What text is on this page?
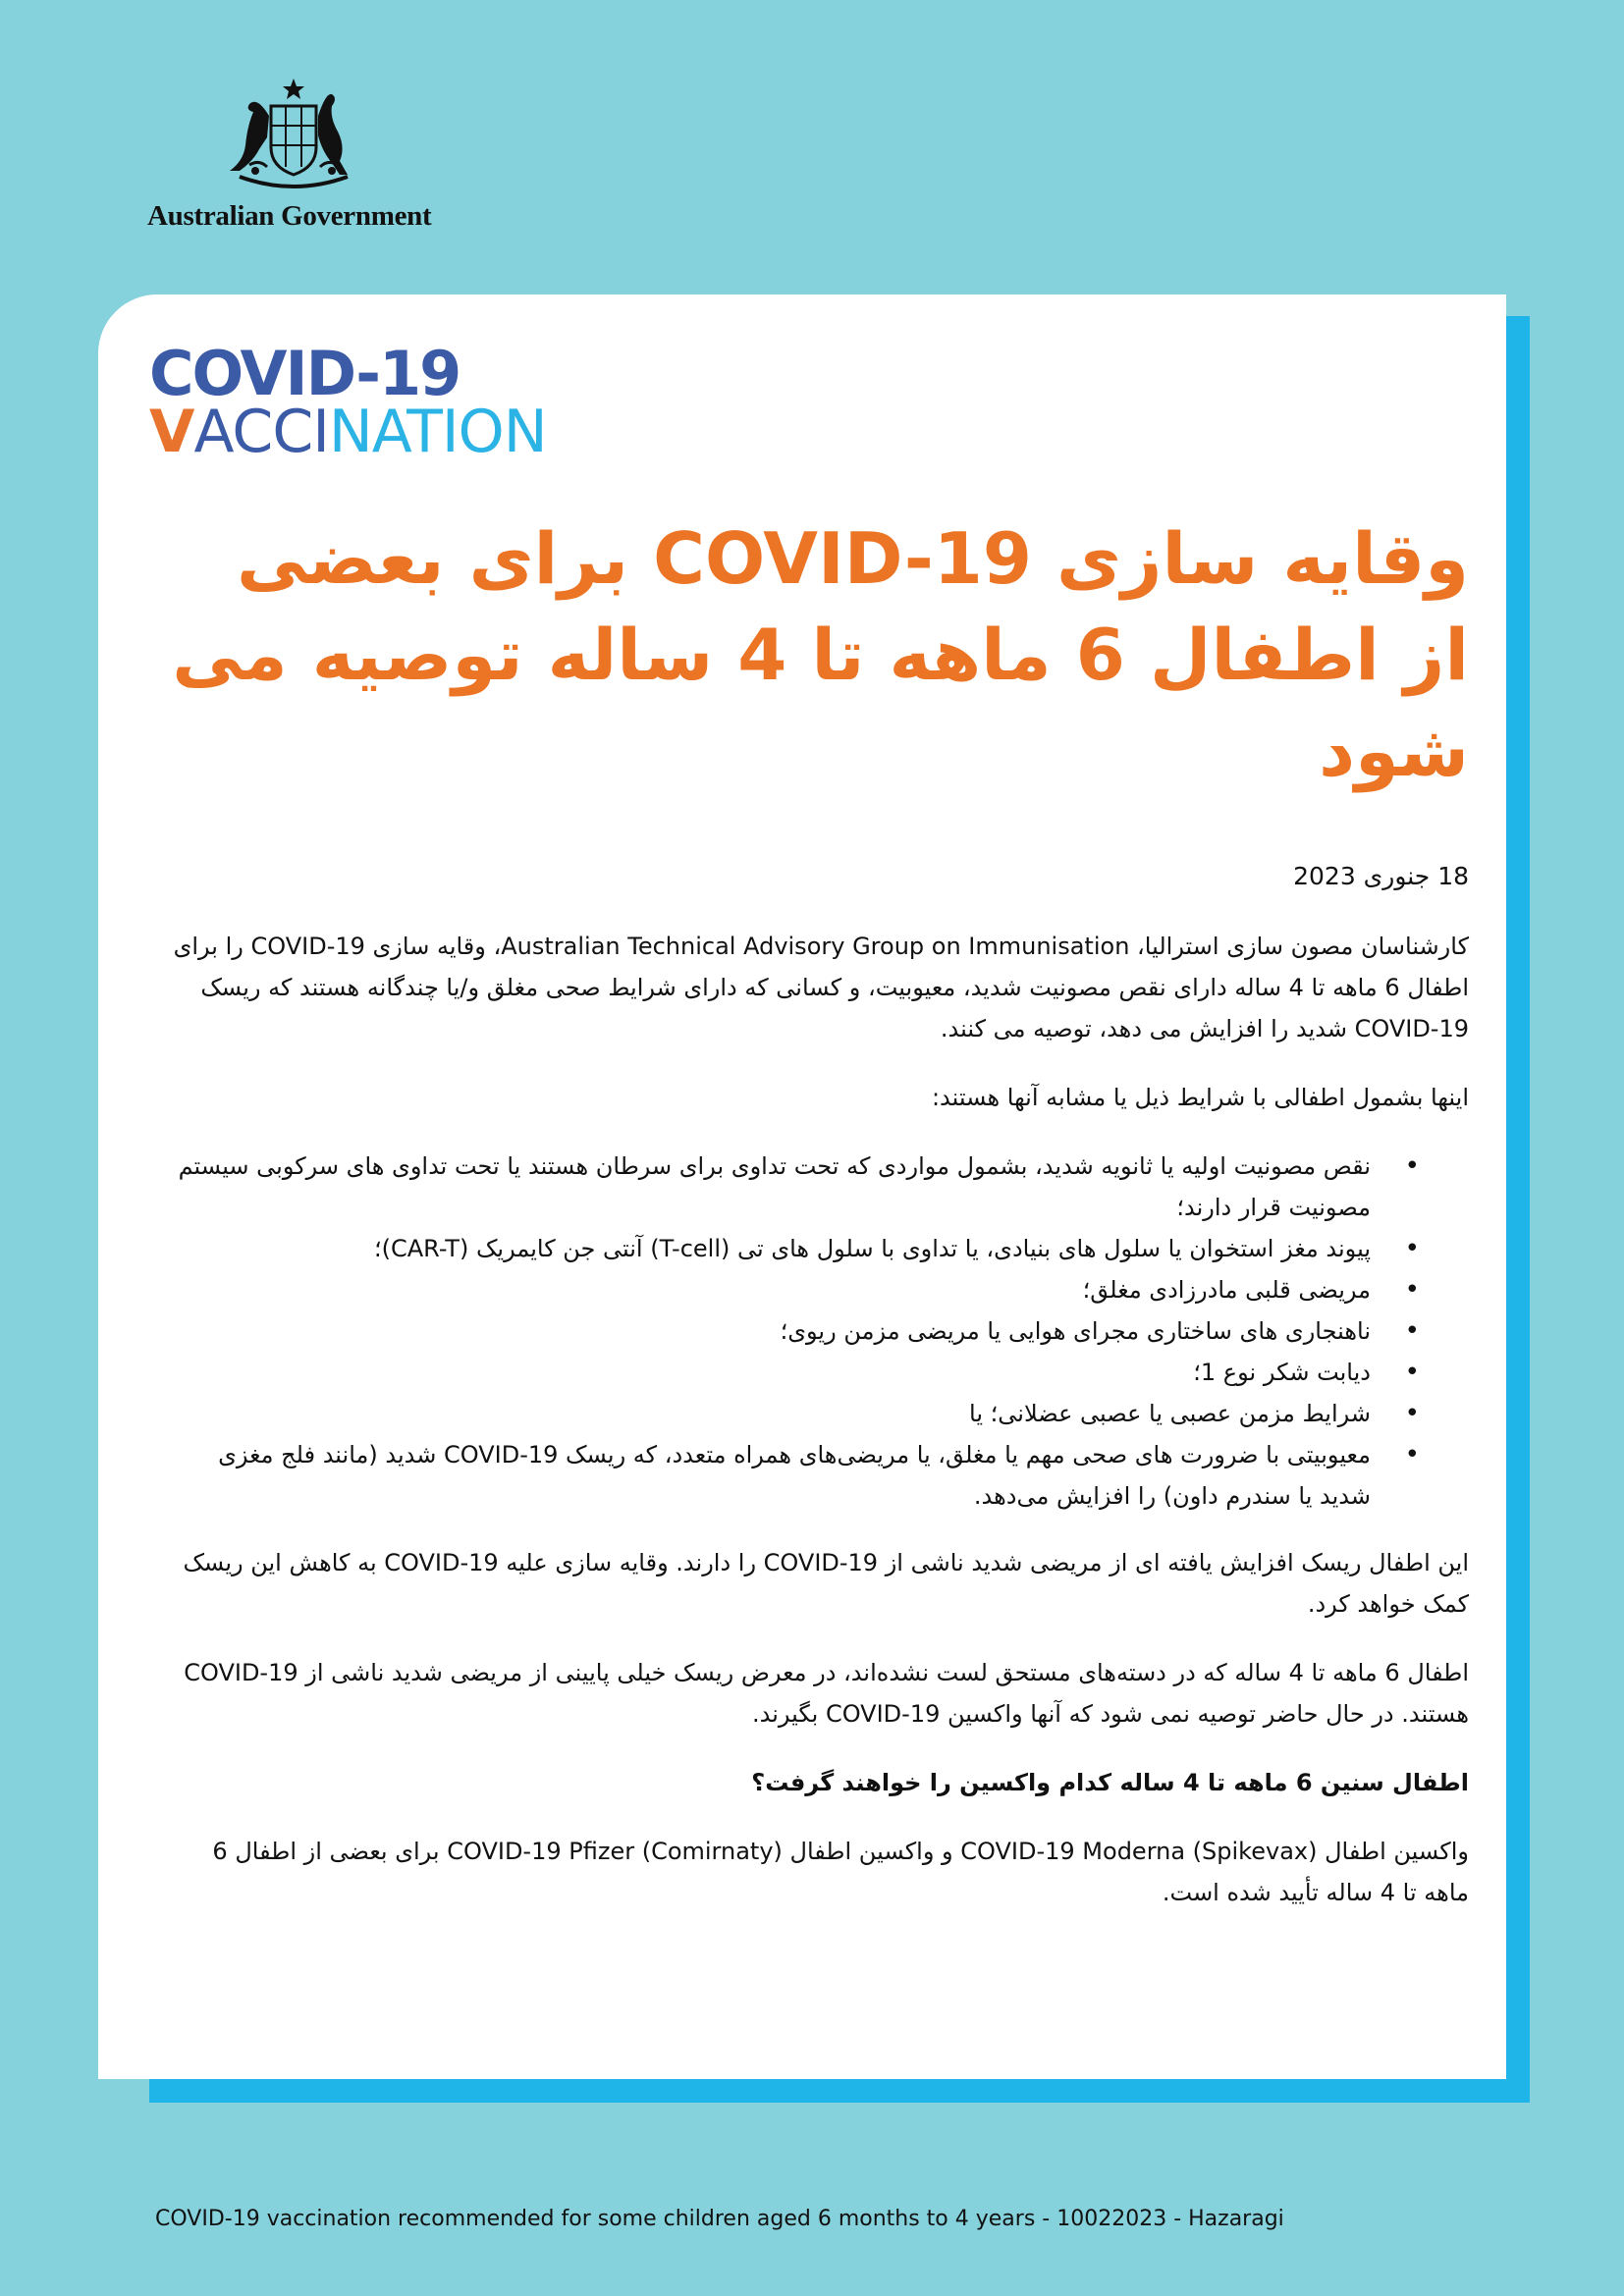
Australian Government
COVID-19
VACCINATION
وقایه سازی COVID-19 برای بعضی از اطفال 6 ماهه تا 4 ساله توصیه می شود

18 جنوری 2023

کارشناسان مصون سازی استرالیا، Australian Technical Advisory Group on Immunisation، وقایه سازی COVID-19 را برای اطفال 6 ماهه تا 4 ساله دارای نقص مصونیت شدید، معیوبیت، و کسانی که دارای شرایط صحی مغلق و/یا چندگانه هستند که ریسک COVID-19 شدید را افزایش می دهد، توصیه می کنند.

اینها بشمول اطفالی با شرایط ذیل یا مشابه آنها هستند:

• نقص مصونیت اولیه یا ثانویه شدید، بشمول مواردی که تحت تداوی برای سرطان هستند یا تحت تداوی های سرکوبی سیستم مصونیت قرار دارند؛
• پیوند مغز استخوان یا سلول های بنیادی، یا تداوی با سلول های تی (T-cell) آنتی جن کایمریک (CAR-T)؛
• مریضی قلبی مادرزادی مغلق؛
• ناهنجاری های ساختاری مجرای هوایی یا مریضی مزمن ریوی؛
• دیابت شکر نوع 1؛
• شرایط مزمن عصبی یا عصبی عضلانی؛ یا
• معیوبیتی با ضرورت های صحی مهم یا مغلق، یا مریضی‌های همراه متعدد، که ریسک COVID-19 شدید (مانند فلج مغزی شدید یا سندرم داون) را افزایش می‌دهد.

این اطفال ریسک افزایش یافته ای از مریضی شدید ناشی از COVID-19 را دارند. وقایه سازی علیه COVID-19 به کاهش این ریسک کمک خواهد کرد.

اطفال 6 ماهه تا 4 ساله که در دسته‌های مستحق لست نشده‌اند، در معرض ریسک خیلی پایینی از مریضی شدید ناشی از COVID-19 هستند. در حال حاضر توصیه نمی شود که آنها واکسین COVID-19 بگیرند.

اطفال سنین 6 ماهه تا 4 ساله کدام واکسین را خواهند گرفت؟

واکسین اطفال COVID-19 Moderna (Spikevax) و واکسین اطفال COVID-19 Pfizer (Comirnaty) برای بعضی از اطفال 6 ماهه تا 4 ساله تأیید شده است.

COVID-19 vaccination recommended for some children aged 6 months to 4 years - 10022023 - Hazaragi
